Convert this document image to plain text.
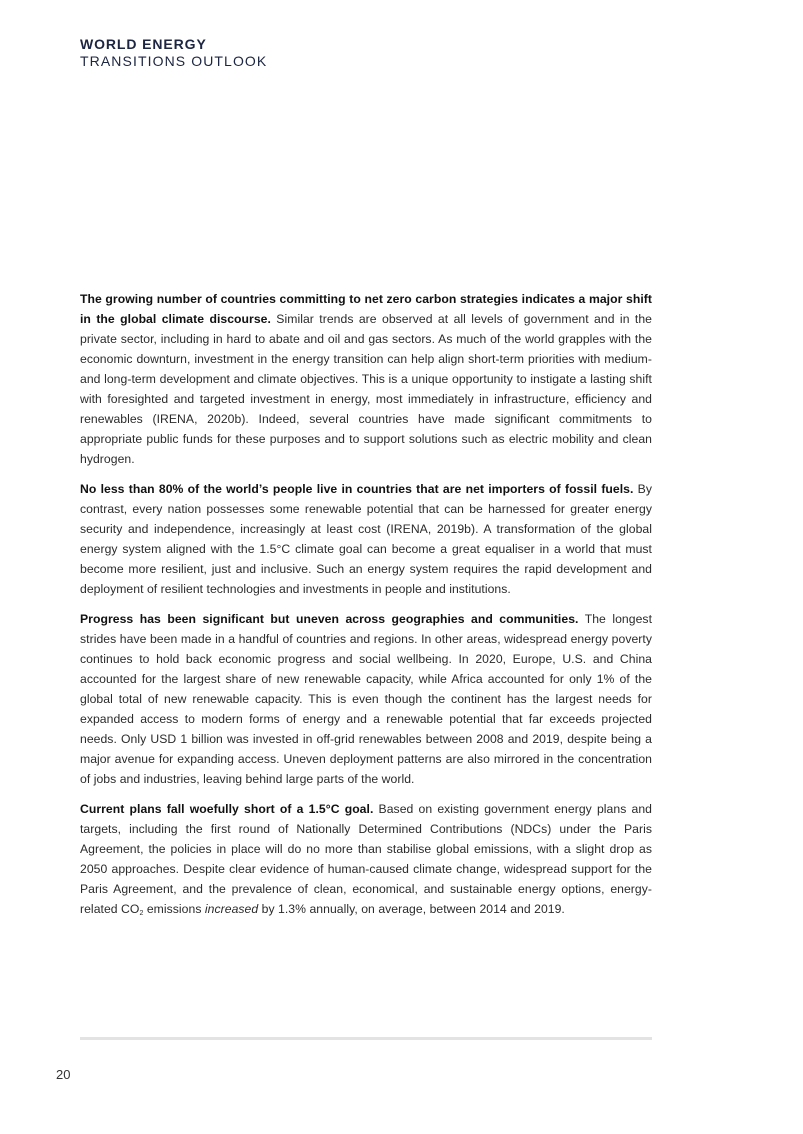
WORLD ENERGY
TRANSITIONS OUTLOOK

The growing number of countries committing to net zero carbon strategies indicates a major shift in the global climate discourse. Similar trends are observed at all levels of government and in the private sector, including in hard to abate and oil and gas sectors. As much of the world grapples with the economic downturn, investment in the energy transition can help align short-term priorities with medium- and long-term development and climate objectives. This is a unique opportunity to instigate a lasting shift with foresighted and targeted investment in energy, most immediately in infrastructure, efficiency and renewables (IRENA, 2020b). Indeed, several countries have made significant commitments to appropriate public funds for these purposes and to support solutions such as electric mobility and clean hydrogen.

No less than 80% of the world’s people live in countries that are net importers of fossil fuels. By contrast, every nation possesses some renewable potential that can be harnessed for greater energy security and independence, increasingly at least cost (IRENA, 2019b). A transformation of the global energy system aligned with the 1.5°C climate goal can become a great equaliser in a world that must become more resilient, just and inclusive. Such an energy system requires the rapid development and deployment of resilient technologies and investments in people and institutions.

Progress has been significant but uneven across geographies and communities. The longest strides have been made in a handful of countries and regions. In other areas, widespread energy poverty continues to hold back economic progress and social wellbeing. In 2020, Europe, U.S. and China accounted for the largest share of new renewable capacity, while Africa accounted for only 1% of the global total of new renewable capacity. This is even though the continent has the largest needs for expanded access to modern forms of energy and a renewable potential that far exceeds projected needs. Only USD 1 billion was invested in off-grid renewables between 2008 and 2019, despite being a major avenue for expanding access. Uneven deployment patterns are also mirrored in the concentration of jobs and industries, leaving behind large parts of the world.

Current plans fall woefully short of a 1.5°C goal. Based on existing government energy plans and targets, including the first round of Nationally Determined Contributions (NDCs) under the Paris Agreement, the policies in place will do no more than stabilise global emissions, with a slight drop as 2050 approaches. Despite clear evidence of human-caused climate change, widespread support for the Paris Agreement, and the prevalence of clean, economical, and sustainable energy options, energy-related $CO_2$ emissions increased by 1.3% annually, on average, between 2014 and 2019.

20
